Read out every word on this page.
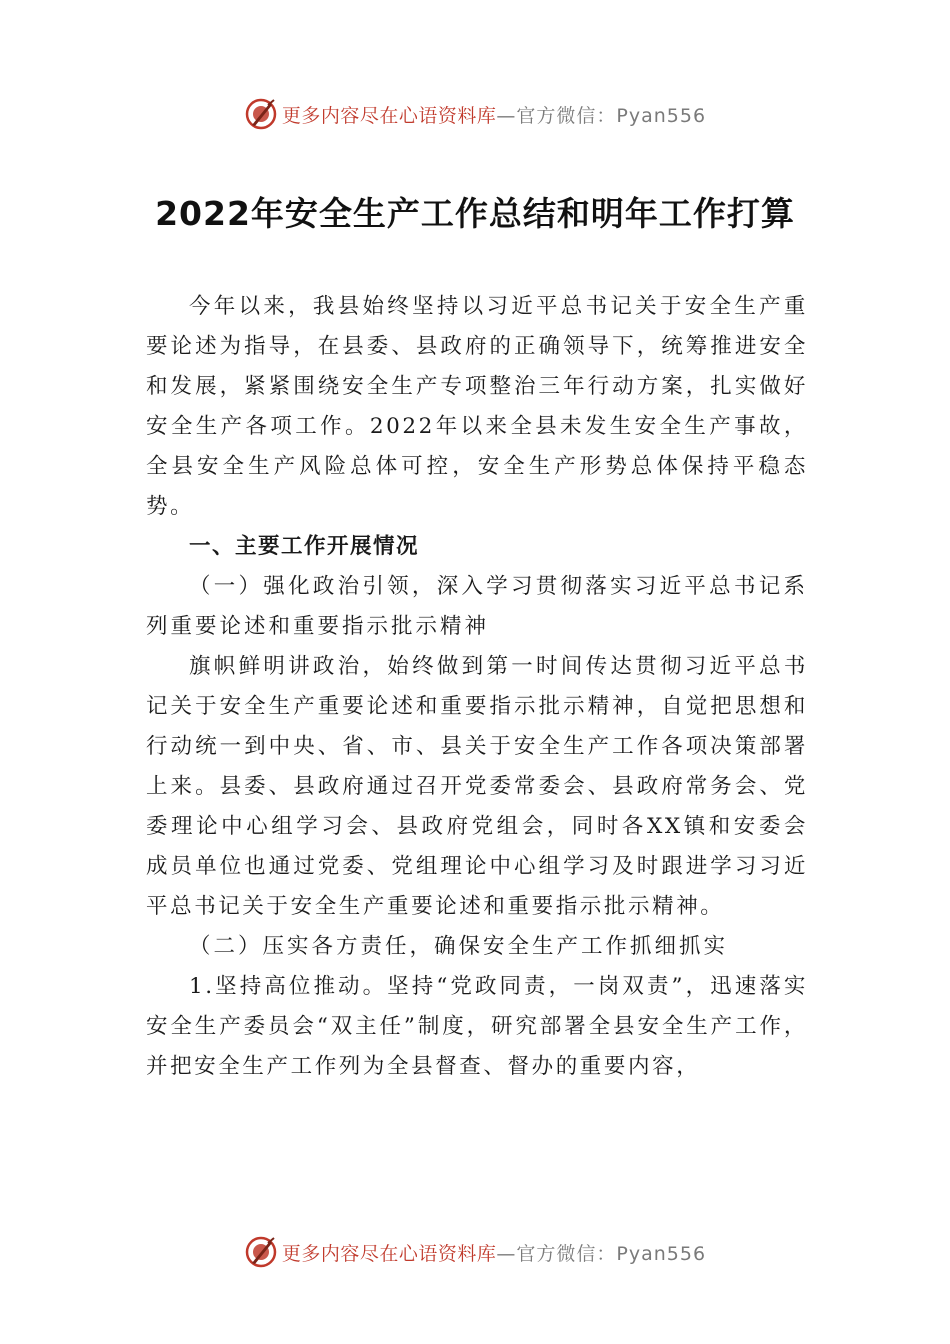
更多内容尽在心语资料库 —官方微信：Pyan556
2022年安全生产工作总结和明年工作打算

今年以来，我县始终坚持以习近平总书记关于安全生产重要论述为指导，在县委、县政府的正确领导下，统筹推进安全和发展，紧紧围绕安全生产专项整治三年行动方案，扎实做好安全生产各项工作。2022年以来全县未发生安全生产事故，全县安全生产风险总体可控，安全生产形势总体保持平稳态势。

一、主要工作开展情况

（一）强化政治引领，深入学习贯彻落实习近平总书记系列重要论述和重要指示批示精神

旗帜鲜明讲政治，始终做到第一时间传达贯彻习近平总书记关于安全生产重要论述和重要指示批示精神，自觉把思想和行动统一到中央、省、市、县关于安全生产工作各项决策部署上来。县委、县政府通过召开党委常委会、县政府常务会、党委理论中心组学习会、县政府党组会，同时各XX镇和安委会成员单位也通过党委、党组理论中心组学习及时跟进学习习近平总书记关于安全生产重要论述和重要指示批示精神。

（二）压实各方责任，确保安全生产工作抓细抓实

1.坚持高位推动。坚持“党政同责，一岗双责”，迅速落实安全生产委员会“双主任”制度，研究部署全县安全生产工作，并把安全生产工作列为全县督查、督办的重要内容，

更多内容尽在心语资料库 —官方微信：Pyan556
